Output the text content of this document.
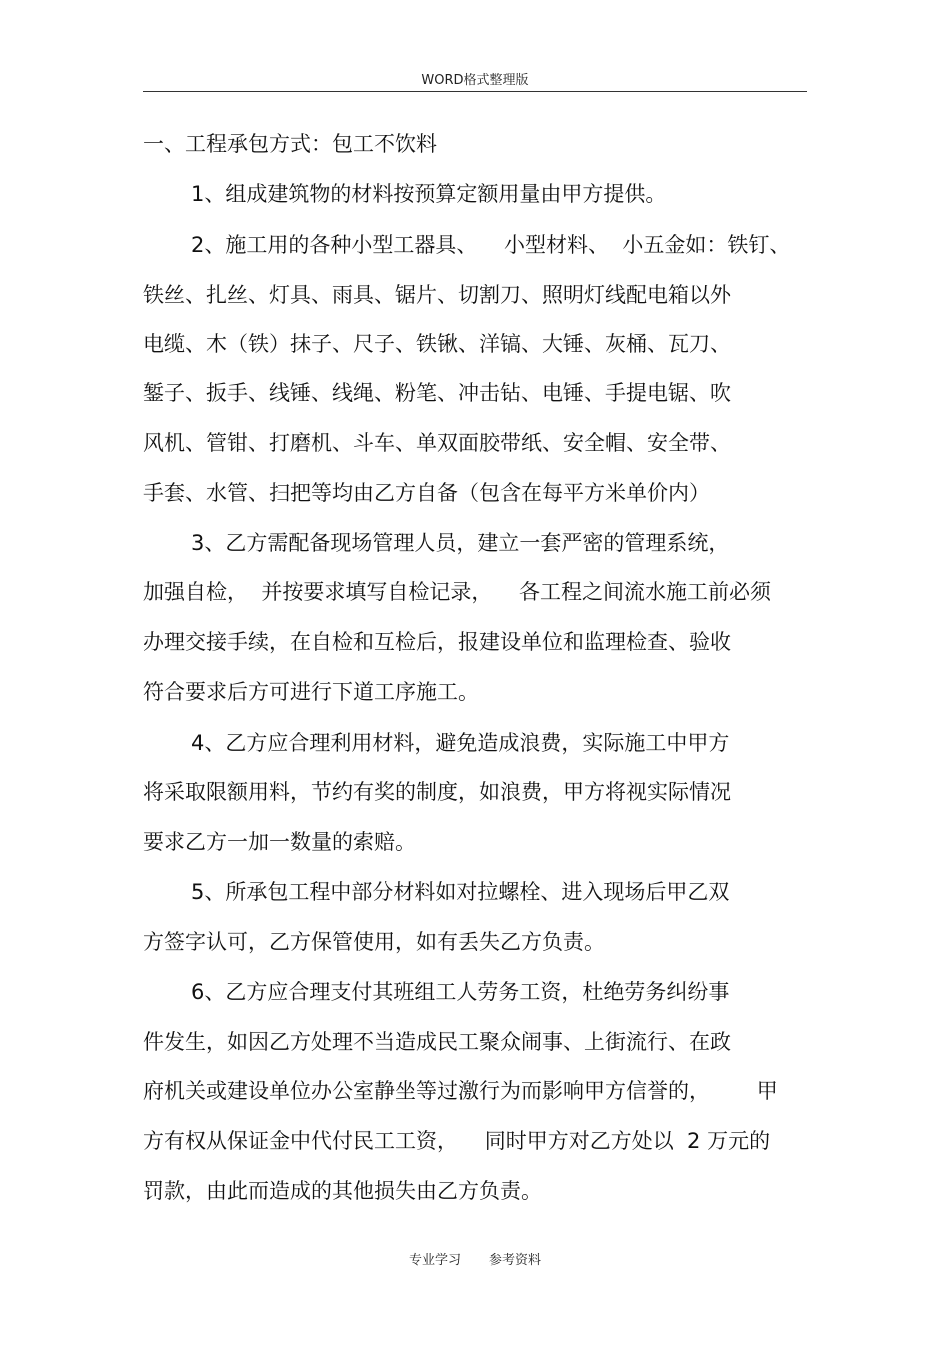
WORD格式整理版
一、工程承包方式：包工不饮料
1、组成建筑物的材料按预算定额用量由甲方提供。
2、施工用的各种小型工器具、    小型材料、  小五金如：铁钉、
铁丝、扎丝、灯具、雨具、锯片、切割刀、照明灯线配电箱以外
电缆、木（铁）抹子、尺子、铁锹、洋镐、大锤、灰桶、瓦刀、
錾子、扳手、线锤、线绳、粉笔、冲击钻、电锤、手提电锯、吹
风机、管钳、打磨机、斗车、单双面胶带纸、安全帽、安全带、
手套、水管、扫把等均由乙方自备（包含在每平方米单价内）
3、乙方需配备现场管理人员，建立一套严密的管理系统，
加强自检，  并按要求填写自检记录，    各工程之间流水施工前必须
办理交接手续，在自检和互检后，报建设单位和监理检查、验收
符合要求后方可进行下道工序施工。
4、乙方应合理利用材料，避免造成浪费，实际施工中甲方
将采取限额用料，节约有奖的制度，如浪费，甲方将视实际情况
要求乙方一加一数量的索赔。
5、所承包工程中部分材料如对拉螺栓、进入现场后甲乙双
方签字认可，乙方保管使用，如有丢失乙方负责。
6、乙方应合理支付其班组工人劳务工资，杜绝劳务纠纷事
件发生，如因乙方处理不当造成民工聚众闹事、上街流行、在政
府机关或建设单位办公室静坐等过激行为而影响甲方信誉的，       甲
方有权从保证金中代付民工工资，    同时甲方对乙方处以  2 万元的
罚款，由此而造成的其他损失由乙方负责。
专业学习 参考资料
